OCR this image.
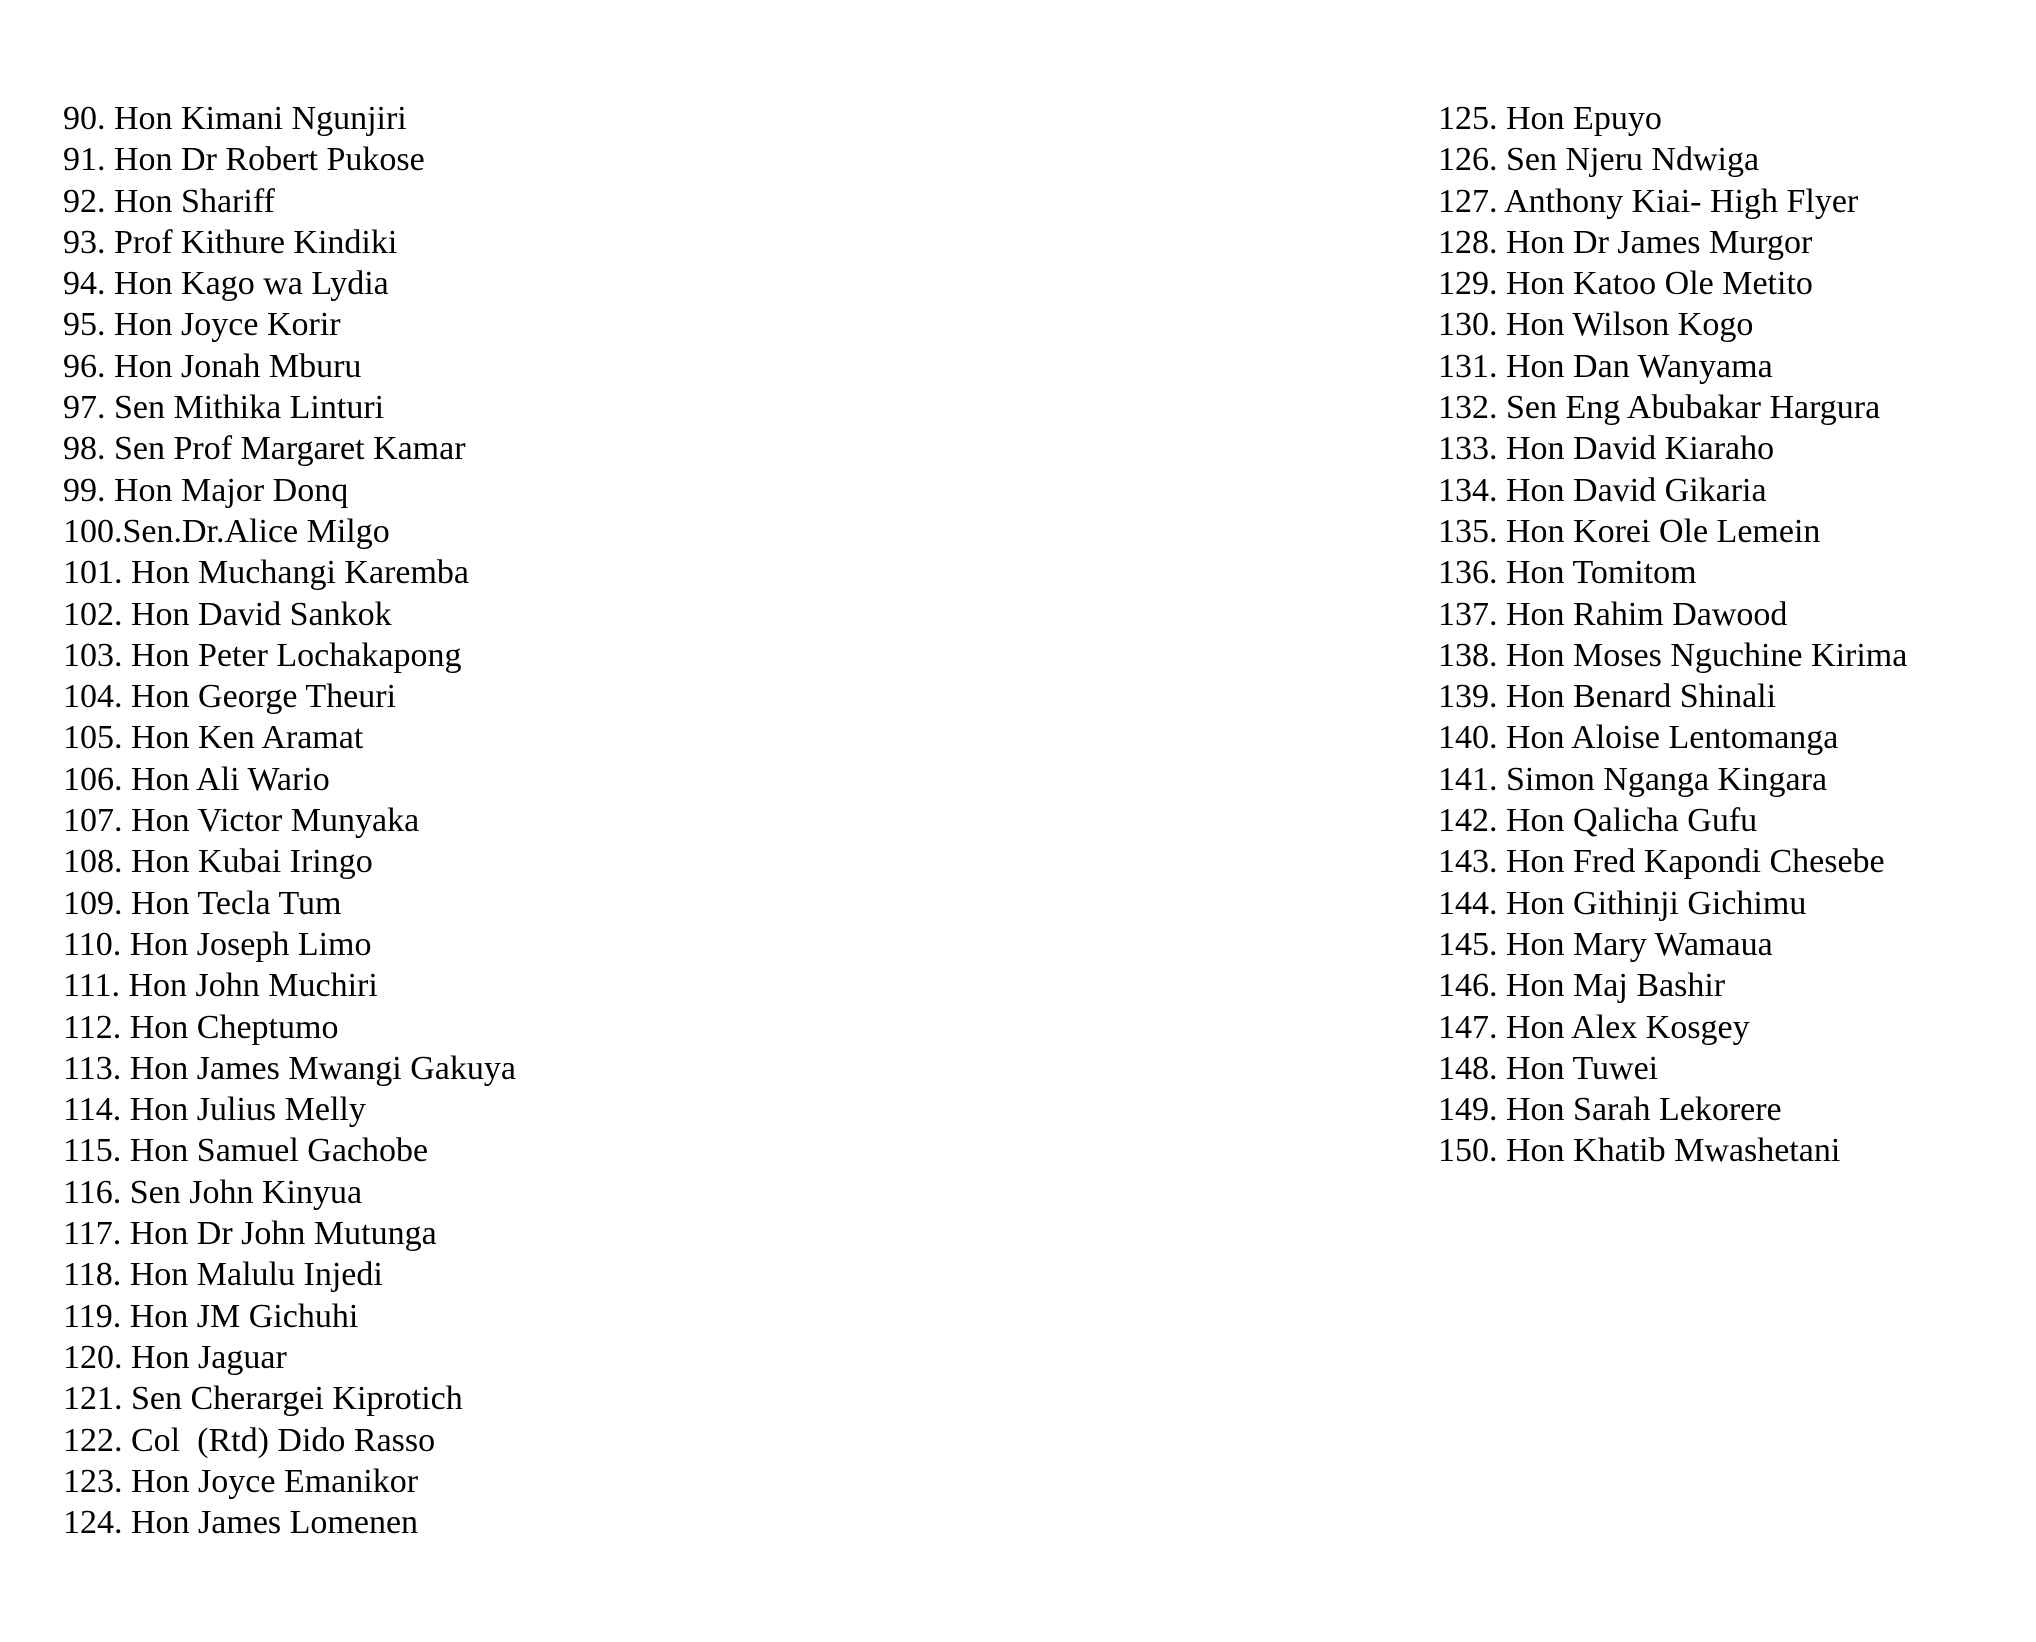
90. Hon Kimani Ngunjiri
91. Hon Dr Robert Pukose
92. Hon Shariff
93. Prof Kithure Kindiki
94. Hon Kago wa Lydia
95. Hon Joyce Korir
96. Hon Jonah Mburu
97. Sen Mithika Linturi
98. Sen Prof Margaret Kamar
99. Hon Major Donq
100.Sen.Dr.Alice Milgo
101. Hon Muchangi Karemba
102. Hon David Sankok
103. Hon Peter Lochakapong
104. Hon George Theuri
105. Hon Ken Aramat
106. Hon Ali Wario
107. Hon Victor Munyaka
108. Hon Kubai Iringo
109. Hon Tecla Tum
110. Hon Joseph Limo
111. Hon John Muchiri
112. Hon Cheptumo
113. Hon James Mwangi Gakuya
114. Hon Julius Melly
115. Hon Samuel Gachobe
116. Sen John Kinyua
117. Hon Dr John Mutunga
118. Hon Malulu Injedi
119. Hon JM Gichuhi
120. Hon Jaguar
121. Sen Cherargei Kiprotich
122. Col  (Rtd) Dido Rasso
123. Hon Joyce Emanikor
124. Hon James Lomenen
125. Hon Epuyo
126. Sen Njeru Ndwiga
127. Anthony Kiai- High Flyer
128. Hon Dr James Murgor
129. Hon Katoo Ole Metito
130. Hon Wilson Kogo
131. Hon Dan Wanyama
132. Sen Eng Abubakar Hargura
133. Hon David Kiaraho
134. Hon David Gikaria
135. Hon Korei Ole Lemein
136. Hon Tomitom
137. Hon Rahim Dawood
138. Hon Moses Nguchine Kirima
139. Hon Benard Shinali
140. Hon Aloise Lentomanga
141. Simon Nganga Kingara
142. Hon Qalicha Gufu
143. Hon Fred Kapondi Chesebe
144. Hon Githinji Gichimu
145. Hon Mary Wamaua
146. Hon Maj Bashir
147. Hon Alex Kosgey
148. Hon Tuwei
149. Hon Sarah Lekorere
150. Hon Khatib Mwashetani
